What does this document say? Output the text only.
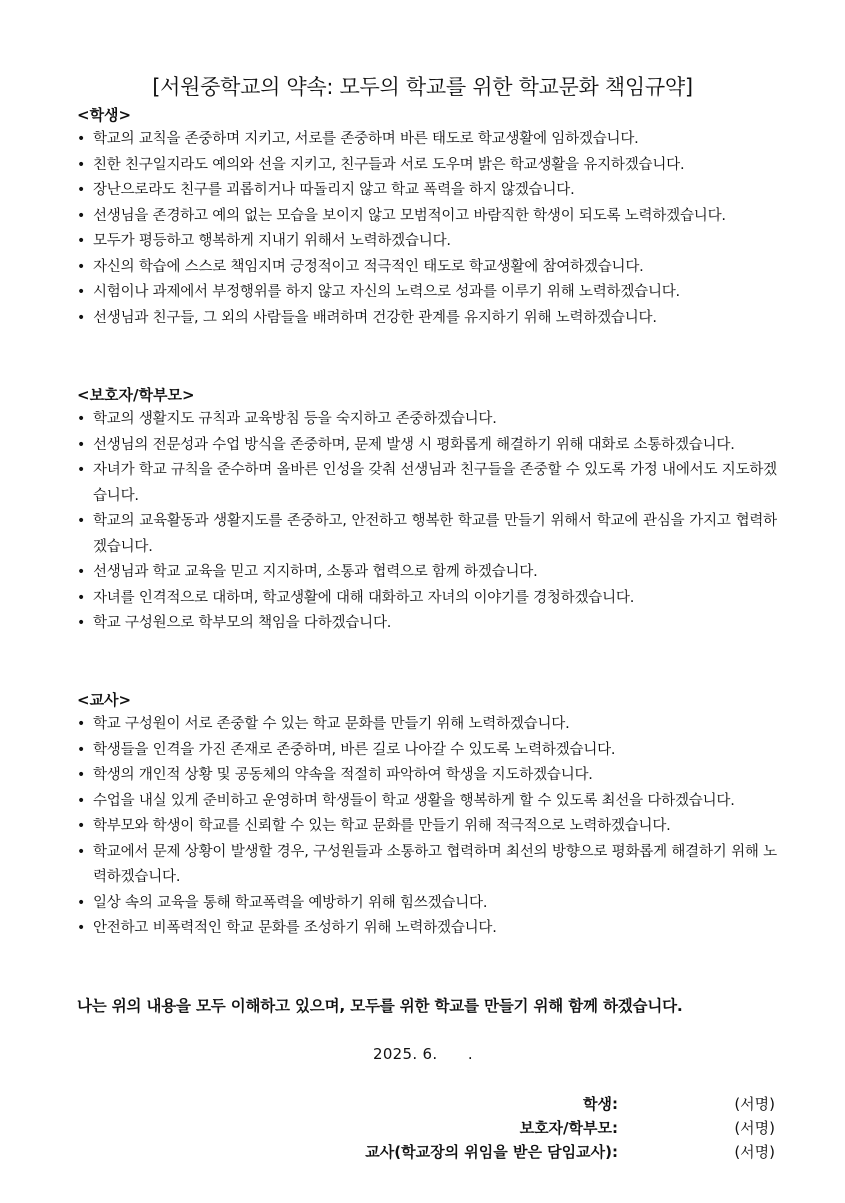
[서원중학교의 약속: 모두의 학교를 위한 학교문화 책임규약]

<학생>

• 학교의 교칙을 존중하며 지키고, 서로를 존중하며 바른 태도로 학교생활에 임하겠습니다.
• 친한 친구일지라도 예의와 선을 지키고, 친구들과 서로 도우며 밝은 학교생활을 유지하겠습니다.
• 장난으로라도 친구를 괴롭히거나 따돌리지 않고 학교 폭력을 하지 않겠습니다.
• 선생님을 존경하고 예의 없는 모습을 보이지 않고 모범적이고 바람직한 학생이 되도록 노력하겠습니다.
• 모두가 평등하고 행복하게 지내기 위해서 노력하겠습니다.
• 자신의 학습에 스스로 책임지며 긍정적이고 적극적인 태도로 학교생활에 참여하겠습니다.
• 시험이나 과제에서 부정행위를 하지 않고 자신의 노력으로 성과를 이루기 위해 노력하겠습니다.
• 선생님과 친구들, 그 외의 사람들을 배려하며 건강한 관계를 유지하기 위해 노력하겠습니다.

<보호자/학부모>

• 학교의 생활지도 규칙과 교육방침 등을 숙지하고 존중하겠습니다.
• 선생님의 전문성과 수업 방식을 존중하며, 문제 발생 시 평화롭게 해결하기 위해 대화로 소통하겠습니다.
• 자녀가 학교 규칙을 준수하며 올바른 인성을 갖춰 선생님과 친구들을 존중할 수 있도록 가정 내에서도 지도하겠습니다.
• 학교의 교육활동과 생활지도를 존중하고, 안전하고 행복한 학교를 만들기 위해서 학교에 관심을 가지고 협력하겠습니다.
• 선생님과 학교 교육을 믿고 지지하며, 소통과 협력으로 함께 하겠습니다.
• 자녀를 인격적으로 대하며, 학교생활에 대해 대화하고 자녀의 이야기를 경청하겠습니다.
• 학교 구성원으로 학부모의 책임을 다하겠습니다.

<교사>

• 학교 구성원이 서로 존중할 수 있는 학교 문화를 만들기 위해 노력하겠습니다.
• 학생들을 인격을 가진 존재로 존중하며, 바른 길로 나아갈 수 있도록 노력하겠습니다.
• 학생의 개인적 상황 및 공동체의 약속을 적절히 파악하여 학생을 지도하겠습니다.
• 수업을 내실 있게 준비하고 운영하며 학생들이 학교 생활을 행복하게 할 수 있도록 최선을 다하겠습니다.
• 학부모와 학생이 학교를 신뢰할 수 있는 학교 문화를 만들기 위해 적극적으로 노력하겠습니다.
• 학교에서 문제 상황이 발생할 경우, 구성원들과 소통하고 협력하며 최선의 방향으로 평화롭게 해결하기 위해 노력하겠습니다.
• 일상 속의 교육을 통해 학교폭력을 예방하기 위해 힘쓰겠습니다.
• 안전하고 비폭력적인 학교 문화를 조성하기 위해 노력하겠습니다.
나는 위의 내용을 모두 이해하고 있으며, 모두를 위한 학교를 만들기 위해 함께 하겠습니다.
2025. 6.      .
학생:	(서명)
보호자/학부모:	(서명)
교사(학교장의 위임을 받은 담임교사):	(서명)
